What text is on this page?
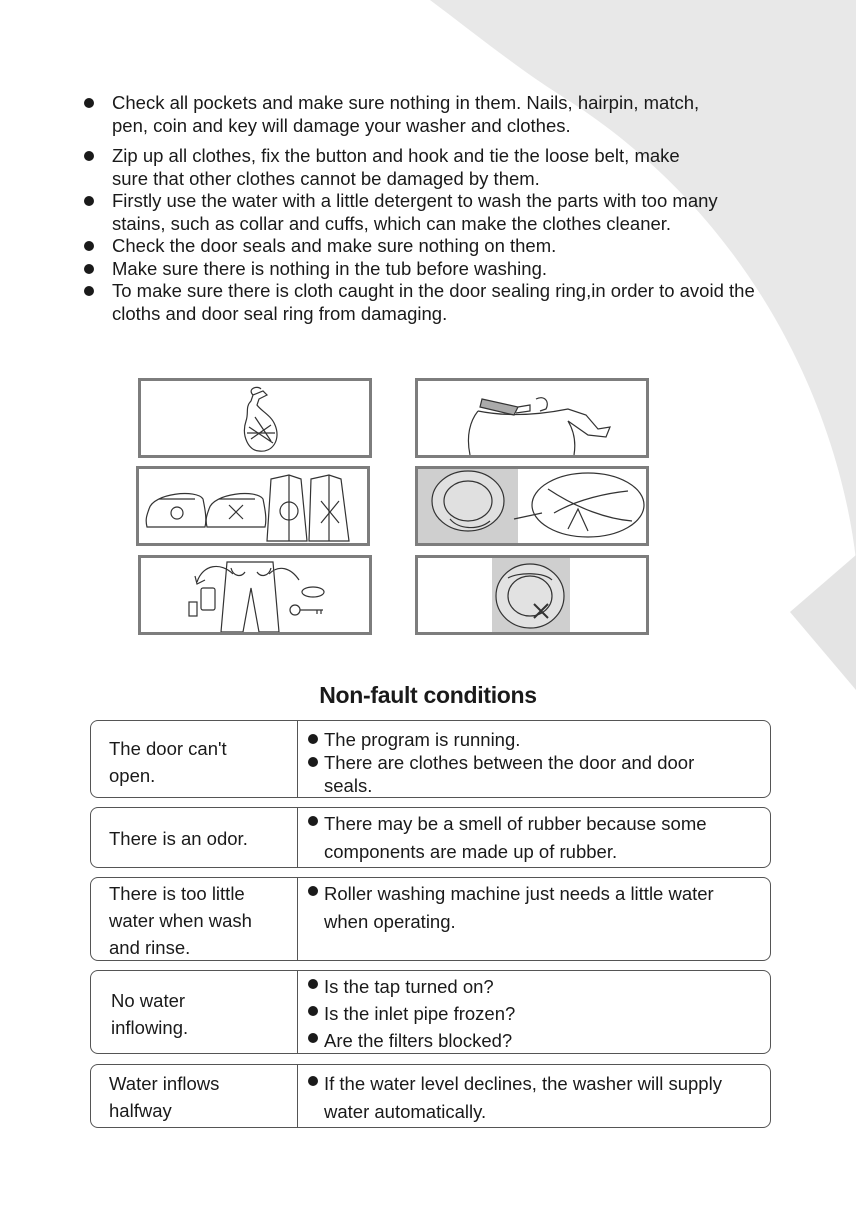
Check all pockets and make sure nothing in them. Nails, hairpin, match, pen, coin and key will damage your washer and clothes.
Zip up all clothes, fix the button and hook and tie the loose belt, make sure that other clothes cannot be damaged by them.
Firstly use the water with a little detergent to wash the parts with too many stains, such as collar and cuffs, which can make the clothes cleaner.
Check the door seals and make sure nothing on them.
Make sure there is nothing in the tub before washing.
To make sure there is cloth caught in the door sealing ring,in order to avoid the cloths and door seal ring from damaging.
Non-fault conditions
The door can't open.
The program is running.
There are clothes between the door and door seals.
There is an odor.
There may be a smell of rubber because some components are made up of rubber.
There is too little water when wash and rinse.
Roller washing machine just needs a little water when operating.
No water inflowing.
Is the tap turned on?
Is the inlet pipe frozen?
Are the filters blocked?
Water inflows halfway
If the water level declines, the washer will supply water automatically.
